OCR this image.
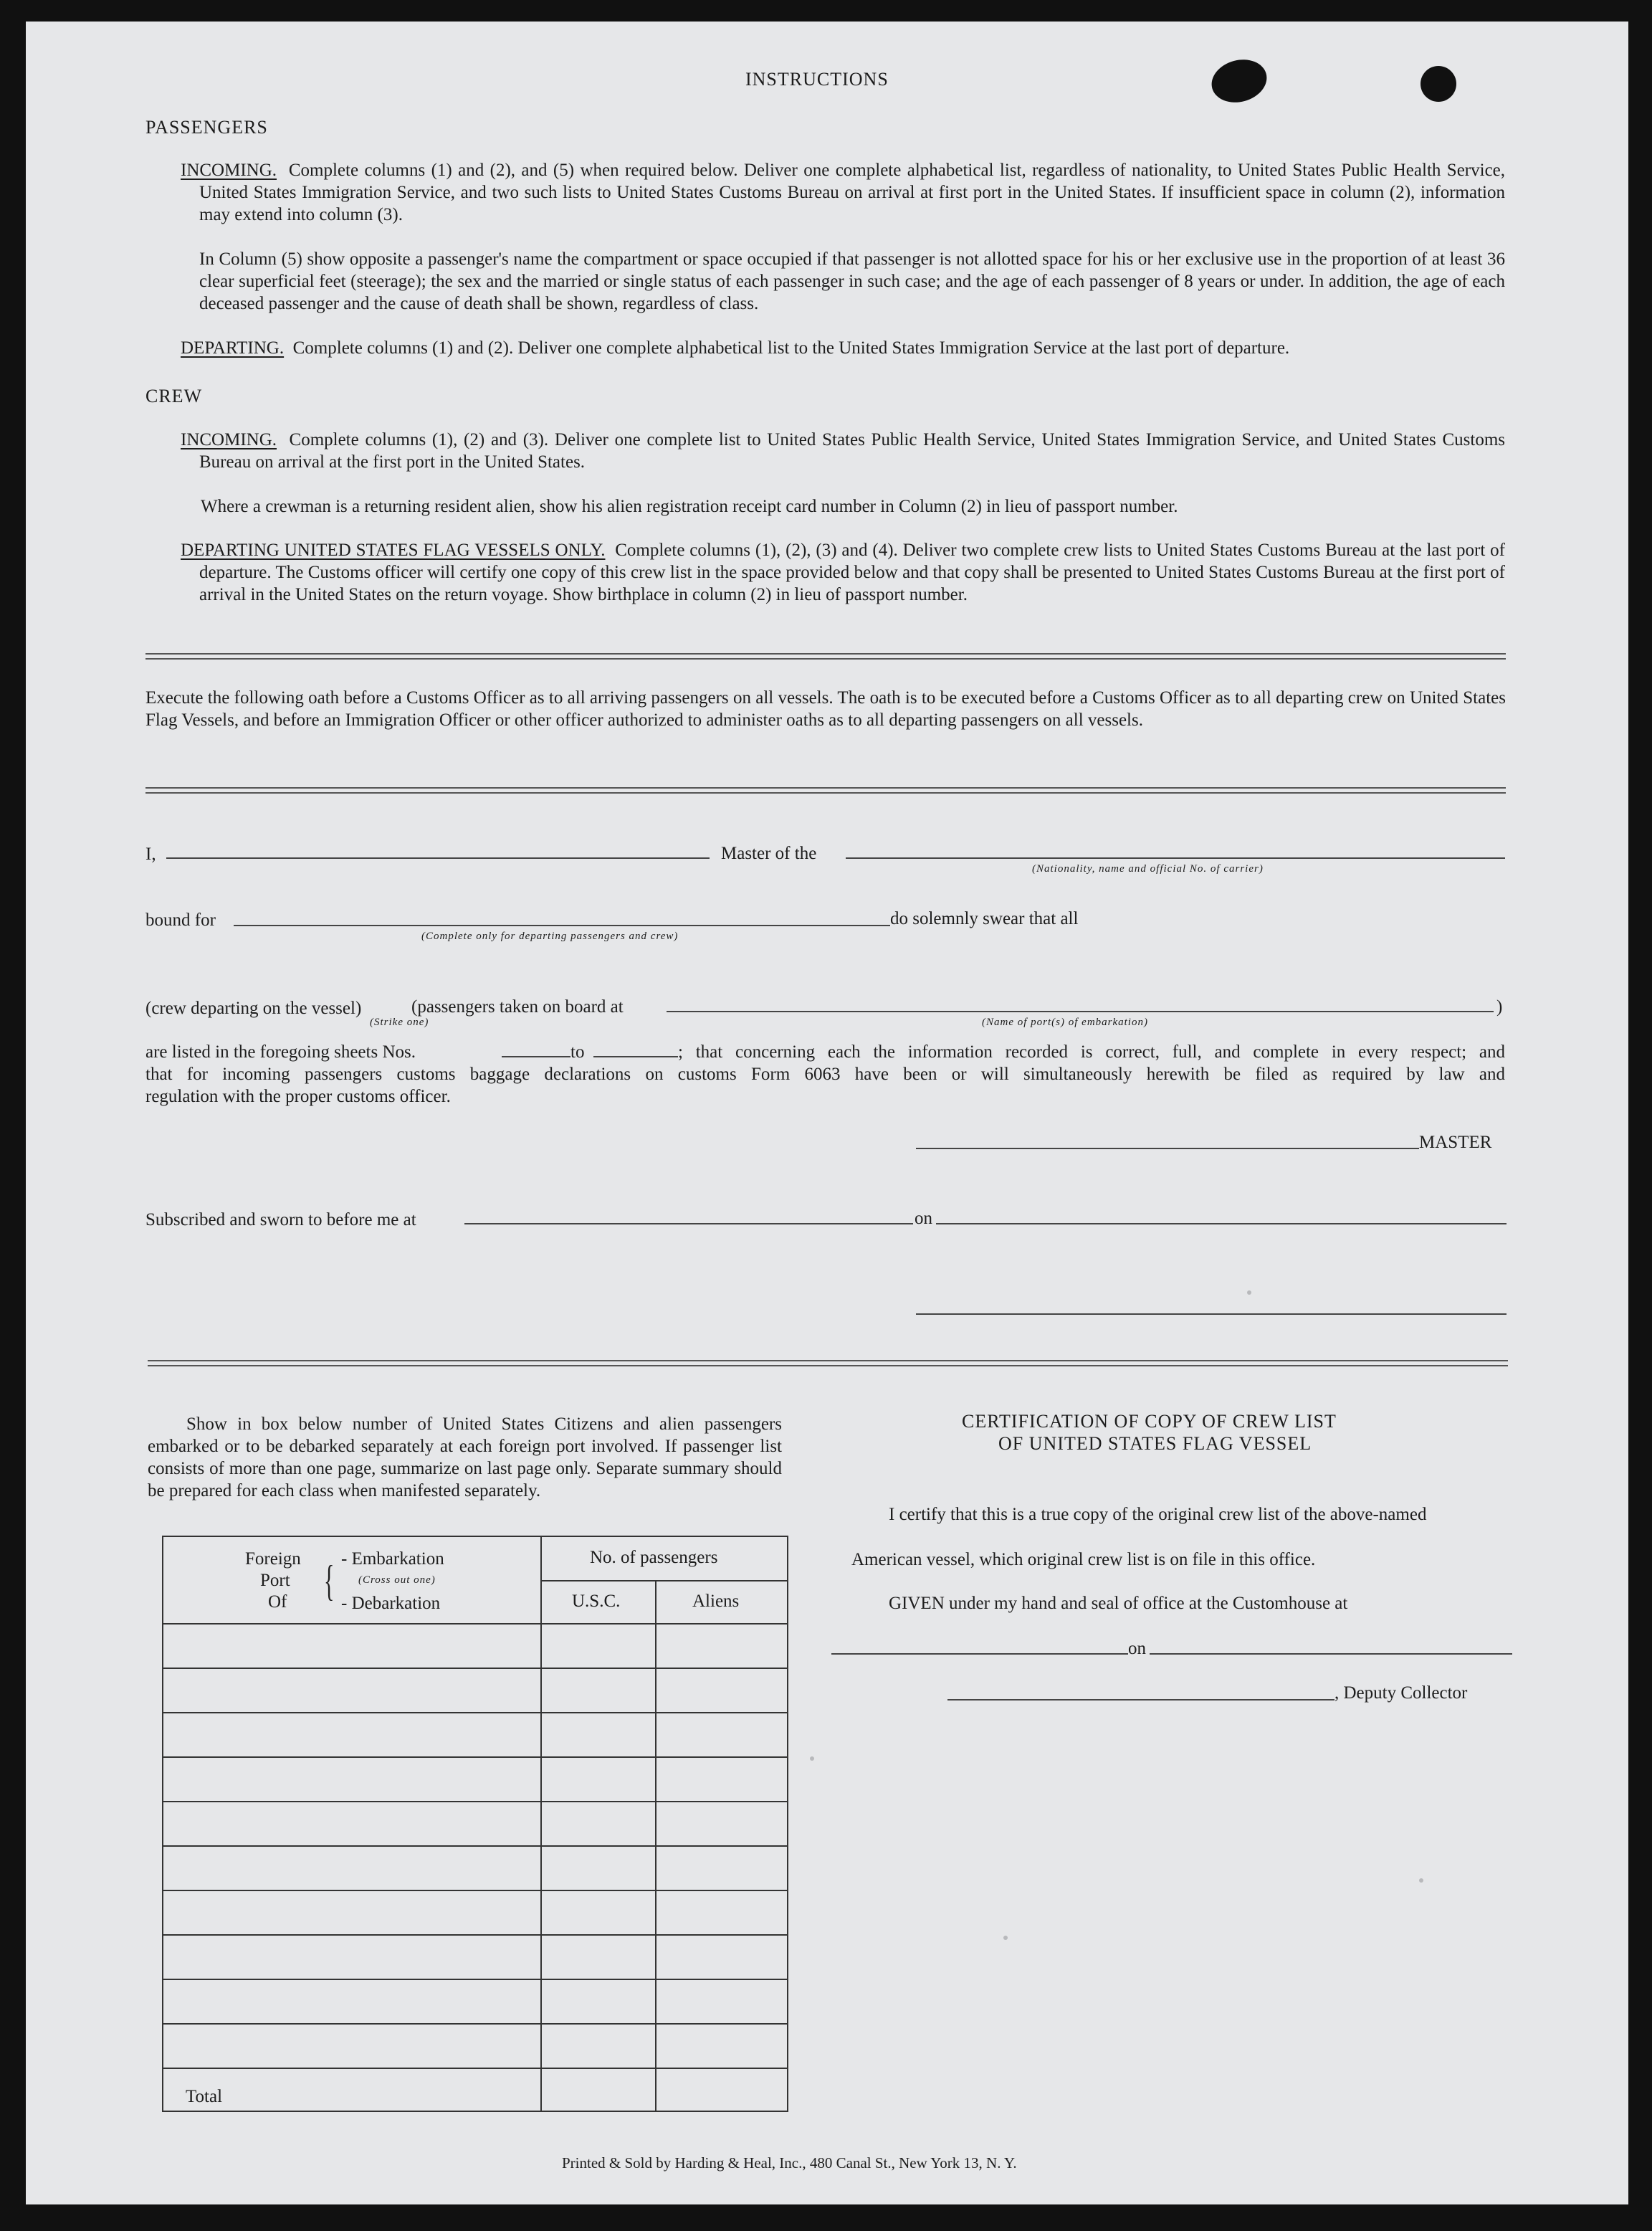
INSTRUCTIONS
PASSENGERS
INCOMING. Complete columns (1) and (2), and (5) when required below. Deliver one complete alphabetical list, regardless of nationality, to United States Public Health Service, United States Immigration Service, and two such lists to United States Customs Bureau on arrival at first port in the United States. If insufficient space in column (2), information may extend into column (3).
In Column (5) show opposite a passenger's name the compartment or space occupied if that passenger is not allotted space for his or her exclusive use in the proportion of at least 36 clear superficial feet (steerage); the sex and the married or single status of each passenger in such case; and the age of each passenger of 8 years or under. In addition, the age of each deceased passenger and the cause of death shall be shown, regardless of class.
DEPARTING. Complete columns (1) and (2). Deliver one complete alphabetical list to the United States Immigration Service at the last port of departure.
CREW
INCOMING. Complete columns (1), (2) and (3). Deliver one complete list to United States Public Health Service, United States Immigration Service, and United States Customs Bureau on arrival at the first port in the United States.
Where a crewman is a returning resident alien, show his alien registration receipt card number in Column (2) in lieu of passport number.
DEPARTING UNITED STATES FLAG VESSELS ONLY. Complete columns (1), (2), (3) and (4). Deliver two complete crew lists to United States Customs Bureau at the last port of departure. The Customs officer will certify one copy of this crew list in the space provided below and that copy shall be presented to United States Customs Bureau at the first port of arrival in the United States on the return voyage. Show birthplace in column (2) in lieu of passport number.
Execute the following oath before a Customs Officer as to all arriving passengers on all vessels. The oath is to be executed before a Customs Officer as to all departing crew on United States Flag Vessels, and before an Immigration Officer or other officer authorized to administer oaths as to all departing passengers on all vessels.
I,	Master of the
(Nationality, name and official No. of carrier)
bound for	do solemnly swear that all
(Complete only for departing passengers and crew)
(crew departing on the vessel)	(passengers taken on board at	)
(Strike one)	(Name of port(s) of embarkation)
are listed in the foregoing sheets Nos.	to	; that concerning each the information recorded is correct, full, and complete in every respect; and
that for incoming passengers customs baggage declarations on customs Form 6063 have been or will simultaneously herewith be filed as required by law and
regulation with the proper customs officer.
MASTER
Subscribed and sworn to before me at	on
Show in box below number of United States Citizens and alien passengers embarked or to be debarked separately at each foreign port involved. If passenger list consists of more than one page, summarize on last page only. Separate summary should be prepared for each class when manifested separately.
Foreign
Port
Of { - Embarkation
(Cross out one)
- Debarkation
No. of passengers
U.S.C.	Aliens
Total
CERTIFICATION OF COPY OF CREW LIST
OF UNITED STATES FLAG VESSEL
I certify that this is a true copy of the original crew list of the above-named
American vessel, which original crew list is on file in this office.
GIVEN under my hand and seal of office at the Customhouse at
on
, Deputy Collector
Printed & Sold by Harding & Heal, Inc., 480 Canal St., New York 13, N. Y.
